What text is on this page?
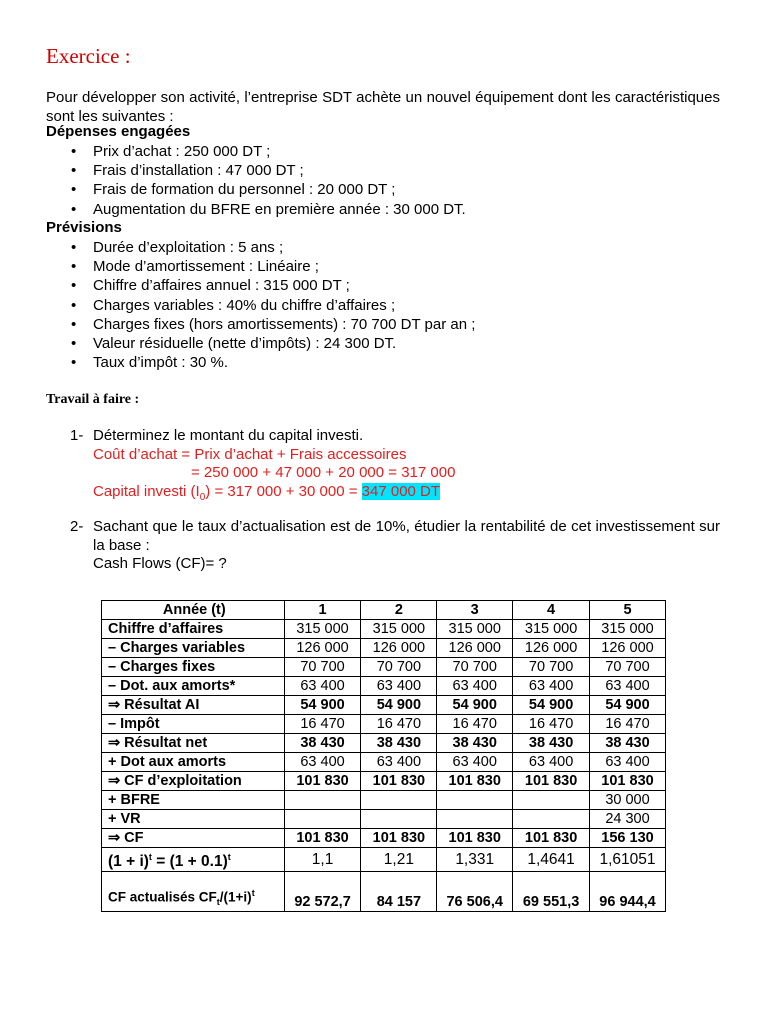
Exercice :

Pour développer son activité, l’entreprise SDT achète un nouvel équipement dont les caractéristiques sont les suivantes :

Dépenses engagées
• Prix d’achat : 250 000 DT ;
• Frais d’installation : 47 000 DT ;
• Frais de formation du personnel : 20 000 DT ;
• Augmentation du BFRE en première année : 30 000 DT.
Prévisions
• Durée d’exploitation : 5 ans ;
• Mode d’amortissement : Linéaire ;
• Chiffre d’affaires annuel : 315 000 DT ;
• Charges variables : 40% du chiffre d’affaires ;
• Charges fixes (hors amortissements) : 70 700 DT par an ;
• Valeur résiduelle (nette d’impôts) : 24 300 DT.
• Taux d’impôt : 30 %.
Travail à faire :
1- Déterminez le montant du capital investi.
Coût d’achat = Prix d’achat + Frais accessoires
= 250 000 + 47 000 + 20 000 = 317 000
Capital investi $(I_0) = 317$ 000 + 30 000 = 347 000 DT
2- Sachant que le taux d’actualisation est de 10%, étudier la rentabilité de cet investissement sur la base :
Cash Flows (CF)= ?
Année (t)	1	2	3	4	5
Chiffre d’affaires	315 000	315 000	315 000	315 000	315 000
– Charges variables	126 000	126 000	126 000	126 000	126 000
– Charges fixes	70 700	70 700	70 700	70 700	70 700
– Dot. aux amorts*	63 400	63 400	63 400	63 400	63 400
⇒ Résultat AI	54 900	54 900	54 900	54 900	54 900
– Impôt	16 470	16 470	16 470	16 470	16 470
⇒ Résultat net	38 430	38 430	38 430	38 430	38 430
+ Dot aux amorts	63 400	63 400	63 400	63 400	63 400
⇒ CF d’exploitation	101 830	101 830	101 830	101 830	101 830
+ BFRE					30 000
+ VR					24 300
⇒ CF	101 830	101 830	101 830	101 830	156 130
$(1 + i)^t = (1 + 0.1)^t$	1,1	1,21	1,331	1,4641	1,61051
CF actualisés $CF_t/(1+i)^t$	92 572,7	84 157	76 506,4	69 551,3	96 944,4
